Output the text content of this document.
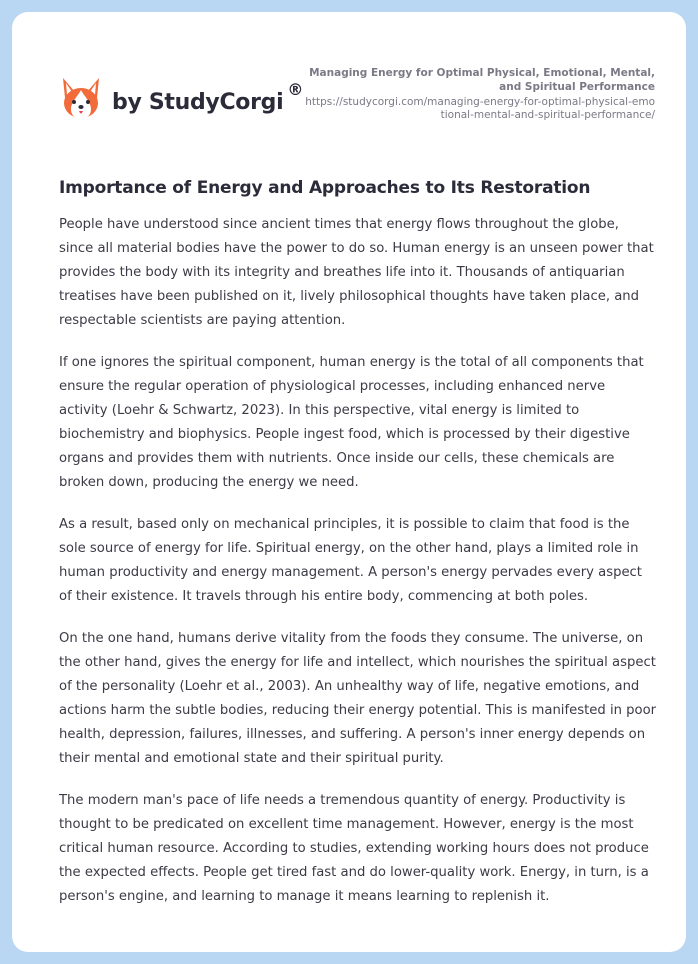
by StudyCorgi
®
Managing Energy for Optimal Physical, Emotional, Mental, and Spiritual Performance
https://studycorgi.com/managing-energy-for-optimal-physical-emotional-mental-and-spiritual-performance/
Importance of Energy and Approaches to Its Restoration

People have understood since ancient times that energy flows throughout the globe, since all material bodies have the power to do so. Human energy is an unseen power that provides the body with its integrity and breathes life into it. Thousands of antiquarian treatises have been published on it, lively philosophical thoughts have taken place, and respectable scientists are paying attention.

If one ignores the spiritual component, human energy is the total of all components that ensure the regular operation of physiological processes, including enhanced nerve activity (Loehr & Schwartz, 2023). In this perspective, vital energy is limited to biochemistry and biophysics. People ingest food, which is processed by their digestive organs and provides them with nutrients. Once inside our cells, these chemicals are broken down, producing the energy we need.

As a result, based only on mechanical principles, it is possible to claim that food is the sole source of energy for life. Spiritual energy, on the other hand, plays a limited role in human productivity and energy management. A person's energy pervades every aspect of their existence. It travels through his entire body, commencing at both poles.

On the one hand, humans derive vitality from the foods they consume. The universe, on the other hand, gives the energy for life and intellect, which nourishes the spiritual aspect of the personality (Loehr et al., 2003). An unhealthy way of life, negative emotions, and actions harm the subtle bodies, reducing their energy potential. This is manifested in poor health, depression, failures, illnesses, and suffering. A person's inner energy depends on their mental and emotional state and their spiritual purity.

The modern man's pace of life needs a tremendous quantity of energy. Productivity is thought to be predicated on excellent time management. However, energy is the most critical human resource. According to studies, extending working hours does not produce the expected effects. People get tired fast and do lower-quality work. Energy, in turn, is a person's engine, and learning to manage it means learning to replenish it.
